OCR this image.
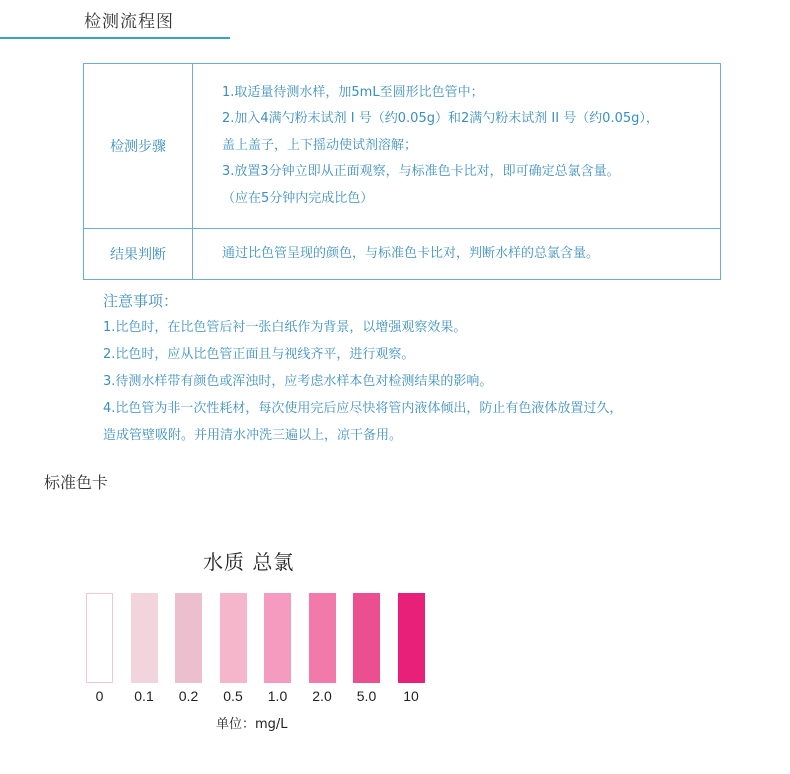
检测流程图
检测步骤	1.取适量待测水样，加5mL至圆形比色管中；
2.加入4满勺粉末试剂 I 号（约0.05g）和2满勺粉末试剂 II 号（约0.05g），
盖上盖子，上下摇动使试剂溶解；
3.放置3分钟立即从正面观察，与标准色卡比对，即可确定总氯含量。
（应在5分钟内完成比色）

结果判断	通过比色管呈现的颜色，与标准色卡比对，判断水样的总氯含量。
注意事项：
1.比色时，在比色管后衬一张白纸作为背景，以增强观察效果。
2.比色时，应从比色管正面且与视线齐平，进行观察。
3.待测水样带有颜色或浑浊时，应考虑水样本色对检测结果的影响。
4.比色管为非一次性耗材，每次使用完后应尽快将管内液体倾出，防止有色液体放置过久，
造成管壁吸附。并用清水冲洗三遍以上，凉干备用。
标准色卡
水质 总氯
0	0.1	0.2	0.5	1.0	2.0	5.0	10
单位：mg/L
